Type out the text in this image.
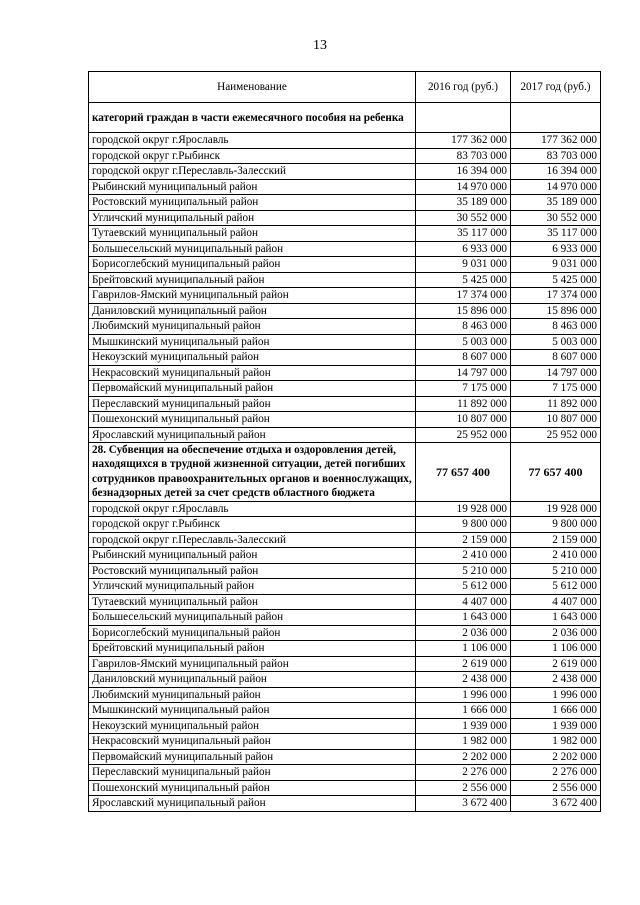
13
Наименование	2016 год (руб.)	2017 год (руб.)
категорий граждан в части ежемесячного пособия на ребенка		
городской округ г.Ярославль	177 362 000	177 362 000
городской округ г.Рыбинск	83 703 000	83 703 000
городской округ г.Переславль-Залесский	16 394 000	16 394 000
Рыбинский муниципальный район	14 970 000	14 970 000
Ростовский муниципальный район	35 189 000	35 189 000
Угличский муниципальный район	30 552 000	30 552 000
Тутаевский муниципальный район	35 117 000	35 117 000
Большесельский муниципальный район	6 933 000	6 933 000
Борисоглебский муниципальный район	9 031 000	9 031 000
Брейтовский муниципальный район	5 425 000	5 425 000
Гаврилов-Ямский муниципальный район	17 374 000	17 374 000
Даниловский муниципальный район	15 896 000	15 896 000
Любимский муниципальный район	8 463 000	8 463 000
Мышкинский муниципальный район	5 003 000	5 003 000
Некоузский муниципальный район	8 607 000	8 607 000
Некрасовский муниципальный район	14 797 000	14 797 000
Первомайский муниципальный район	7 175 000	7 175 000
Переславский муниципальный район	11 892 000	11 892 000
Пошехонский муниципальный район	10 807 000	10 807 000
Ярославский муниципальный район	25 952 000	25 952 000
28. Субвенция на обеспечение отдыха и оздоровления детей, находящихся в трудной жизненной ситуации, детей погибших сотрудников правоохранительных органов и военнослужащих, безнадзорных детей за счет средств областного бюджета	77 657 400	77 657 400
городской округ г.Ярославль	19 928 000	19 928 000
городской округ г.Рыбинск	9 800 000	9 800 000
городской округ г.Переславль-Залесский	2 159 000	2 159 000
Рыбинский муниципальный район	2 410 000	2 410 000
Ростовский муниципальный район	5 210 000	5 210 000
Угличский муниципальный район	5 612 000	5 612 000
Тутаевский муниципальный район	4 407 000	4 407 000
Большесельский муниципальный район	1 643 000	1 643 000
Борисоглебский муниципальный район	2 036 000	2 036 000
Брейтовский муниципальный район	1 106 000	1 106 000
Гаврилов-Ямский муниципальный район	2 619 000	2 619 000
Даниловский муниципальный район	2 438 000	2 438 000
Любимский муниципальный район	1 996 000	1 996 000
Мышкинский муниципальный район	1 666 000	1 666 000
Некоузский муниципальный район	1 939 000	1 939 000
Некрасовский муниципальный район	1 982 000	1 982 000
Первомайский муниципальный район	2 202 000	2 202 000
Переславский муниципальный район	2 276 000	2 276 000
Пошехонский муниципальный район	2 556 000	2 556 000
Ярославский муниципальный район	3 672 400	3 672 400
